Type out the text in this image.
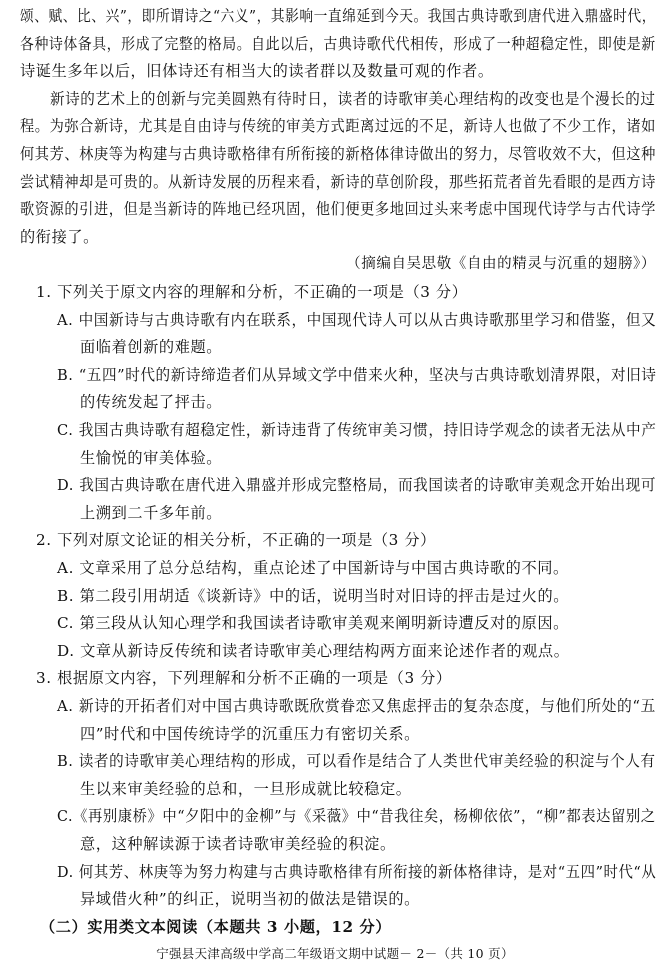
颂、赋、比、兴”，即所谓诗之“六义”，其影响一直绵延到今天。我国古典诗歌到唐代进入鼎盛时代，
各种诗体备具，形成了完整的格局。自此以后，古典诗歌代代相传，形成了一种超稳定性，即使是新
诗诞生多年以后，旧体诗还有相当大的读者群以及数量可观的作者。
新诗的艺术上的创新与完美圆熟有待时日，读者的诗歌审美心理结构的改变也是个漫长的过
程。为弥合新诗，尤其是自由诗与传统的审美方式距离过远的不足，新诗人也做了不少工作，诸如
何其芳、林庚等为构建与古典诗歌格律有所衔接的新格体律诗做出的努力，尽管收效不大，但这种
尝试精神却是可贵的。从新诗发展的历程来看，新诗的草创阶段，那些拓荒者首先看眼的是西方诗
歌资源的引进，但是当新诗的阵地已经巩固，他们便更多地回过头来考虑中国现代诗学与古代诗学
的衔接了。
（摘编自吴思敬《自由的精灵与沉重的翅膀》）
1. 下列关于原文内容的理解和分析，不正确的一项是（3 分）
A. 中国新诗与古典诗歌有内在联系，中国现代诗人可以从古典诗歌那里学习和借鉴，但又
面临着创新的难题。
B. “五四”时代的新诗缔造者们从异域文学中借来火种，坚决与古典诗歌划清界限，对旧诗
的传统发起了抨击。
C. 我国古典诗歌有超稳定性，新诗违背了传统审美习惯，持旧诗学观念的读者无法从中产
生愉悦的审美体验。
D. 我国古典诗歌在唐代进入鼎盛并形成完整格局，而我国读者的诗歌审美观念开始出现可
上溯到二千多年前。
2. 下列对原文论证的相关分析，不正确的一项是（3 分）
A. 文章采用了总分总结构，重点论述了中国新诗与中国古典诗歌的不同。
B. 第二段引用胡适《谈新诗》中的话，说明当时对旧诗的抨击是过火的。
C. 第三段从认知心理学和我国读者诗歌审美观来阐明新诗遭反对的原因。
D. 文章从新诗反传统和读者诗歌审美心理结构两方面来论述作者的观点。
3. 根据原文内容，下列理解和分析不正确的一项是（3 分）
A. 新诗的开拓者们对中国古典诗歌既欣赏眷恋又焦虑抨击的复杂态度，与他们所处的“五
四”时代和中国传统诗学的沉重压力有密切关系。
B. 读者的诗歌审美心理结构的形成，可以看作是结合了人类世代审美经验的积淀与个人有
生以来审美经验的总和，一旦形成就比较稳定。
C.《再别康桥》中“夕阳中的金柳”与《采薇》中“昔我往矣，杨柳依依”，“柳”都表达留别之
意，这种解读源于读者诗歌审美经验的积淀。
D. 何其芳、林庚等为努力构建与古典诗歌格律有所衔接的新体格律诗，是对“五四”时代“从
异域借火种”的纠正，说明当初的做法是错误的。
（二）实用类文本阅读（本题共 3 小题，12 分）
宁强县天津高级中学高二年级语文期中试题－ 2－（共 10 页）
